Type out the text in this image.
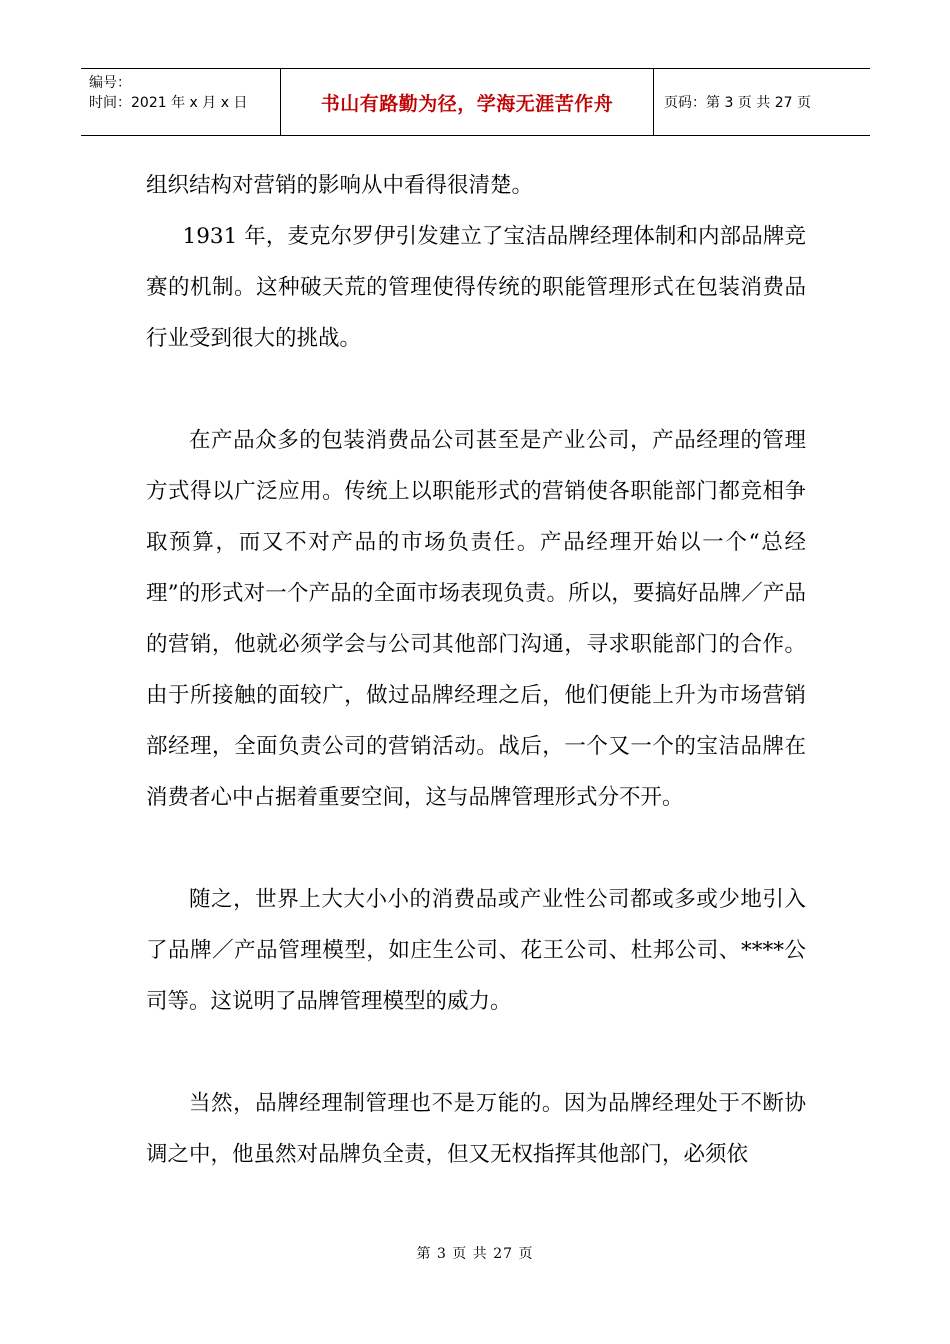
编号：
时间：2021 年 x 月 x 日	书山有路勤为径，学海无涯苦作舟	页码：第 3 页 共 27 页

组织结构对营销的影响从中看得很清楚。

1931 年，麦克尔罗伊引发建立了宝洁品牌经理体制和内部品牌竞赛的机制。这种破天荒的管理使得传统的职能管理形式在包装消费品行业受到很大的挑战。

在产品众多的包装消费品公司甚至是产业公司，产品经理的管理方式得以广泛应用。传统上以职能形式的营销使各职能部门都竞相争取预算，而又不对产品的市场负责任。产品经理开始以一个“总经理”的形式对一个产品的全面市场表现负责。所以，要搞好品牌／产品的营销，他就必须学会与公司其他部门沟通，寻求职能部门的合作。由于所接触的面较广，做过品牌经理之后，他们便能上升为市场营销部经理，全面负责公司的营销活动。战后，一个又一个的宝洁品牌在消费者心中占据着重要空间，这与品牌管理形式分不开。

随之，世界上大大小小的消费品或产业性公司都或多或少地引入了品牌／产品管理模型，如庄生公司、花王公司、杜邦公司、****公司等。这说明了品牌管理模型的威力。

当然，品牌经理制管理也不是万能的。因为品牌经理处于不断协调之中，他虽然对品牌负全责，但又无权指挥其他部门，必须依

第 3 页 共 27 页
